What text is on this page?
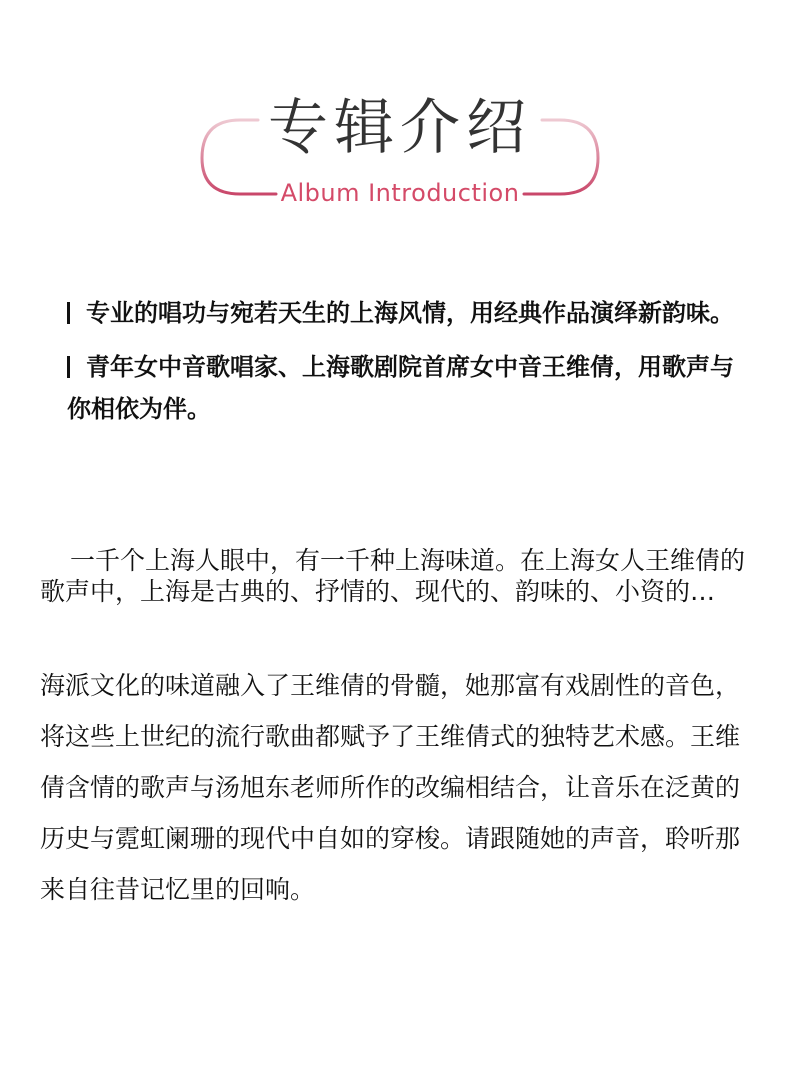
专辑介绍
Album Introduction
专业的唱功与宛若天生的上海风情，用经典作品演绎新韵味。
青年女中音歌唱家、上海歌剧院首席女中音王维倩，用歌声与你相依为伴。

一千个上海人眼中，有一千种上海味道。在上海女人王维倩的歌声中，上海是古典的、抒情的、现代的、韵味的、小资的…

海派文化的味道融入了王维倩的骨髓，她那富有戏剧性的音色，将这些上世纪的流行歌曲都赋予了王维倩式的独特艺术感。王维倩含情的歌声与汤旭东老师所作的改编相结合，让音乐在泛黄的历史与霓虹阑珊的现代中自如的穿梭。请跟随她的声音，聆听那来自往昔记忆里的回响。
